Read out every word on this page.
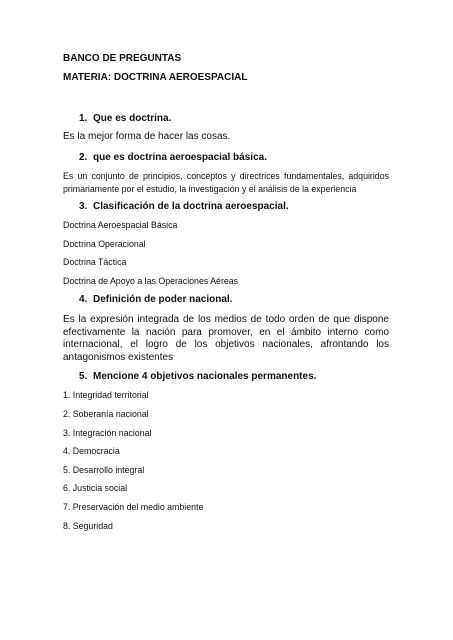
BANCO DE PREGUNTAS
MATERIA: DOCTRINA AEROESPACIAL
1. Que es doctrina.
Es la mejor forma de hacer las cosas.
2. que es doctrina aeroespacial básica.
Es un conjunto de principios, conceptos y directrices fundamentales, adquiridos primariamente por el estudio, la investigación y el análisis de la experiencia
3. Clasificación de la doctrina aeroespacial.
Doctrina Aeroespacial Básica
Doctrina Operacional
Doctrina Táctica
Doctrina de Apoyo a las Operaciones Aéreas
4. Definición de poder nacional.
Es la expresión integrada de los medios de todo orden de que dispone efectivamente la nación para promover, en el ámbito interno como internacional, el logro de los objetivos nacionales, afrontando los antagonismos existentes
5. Mencione 4 objetivos nacionales permanentes.
1. Integridad territorial
2. Soberanía nacional
3. Integración nacional
4. Democracia
5. Desarrollo integral
6. Justicia social
7. Preservación del medio ambiente
8. Seguridad
